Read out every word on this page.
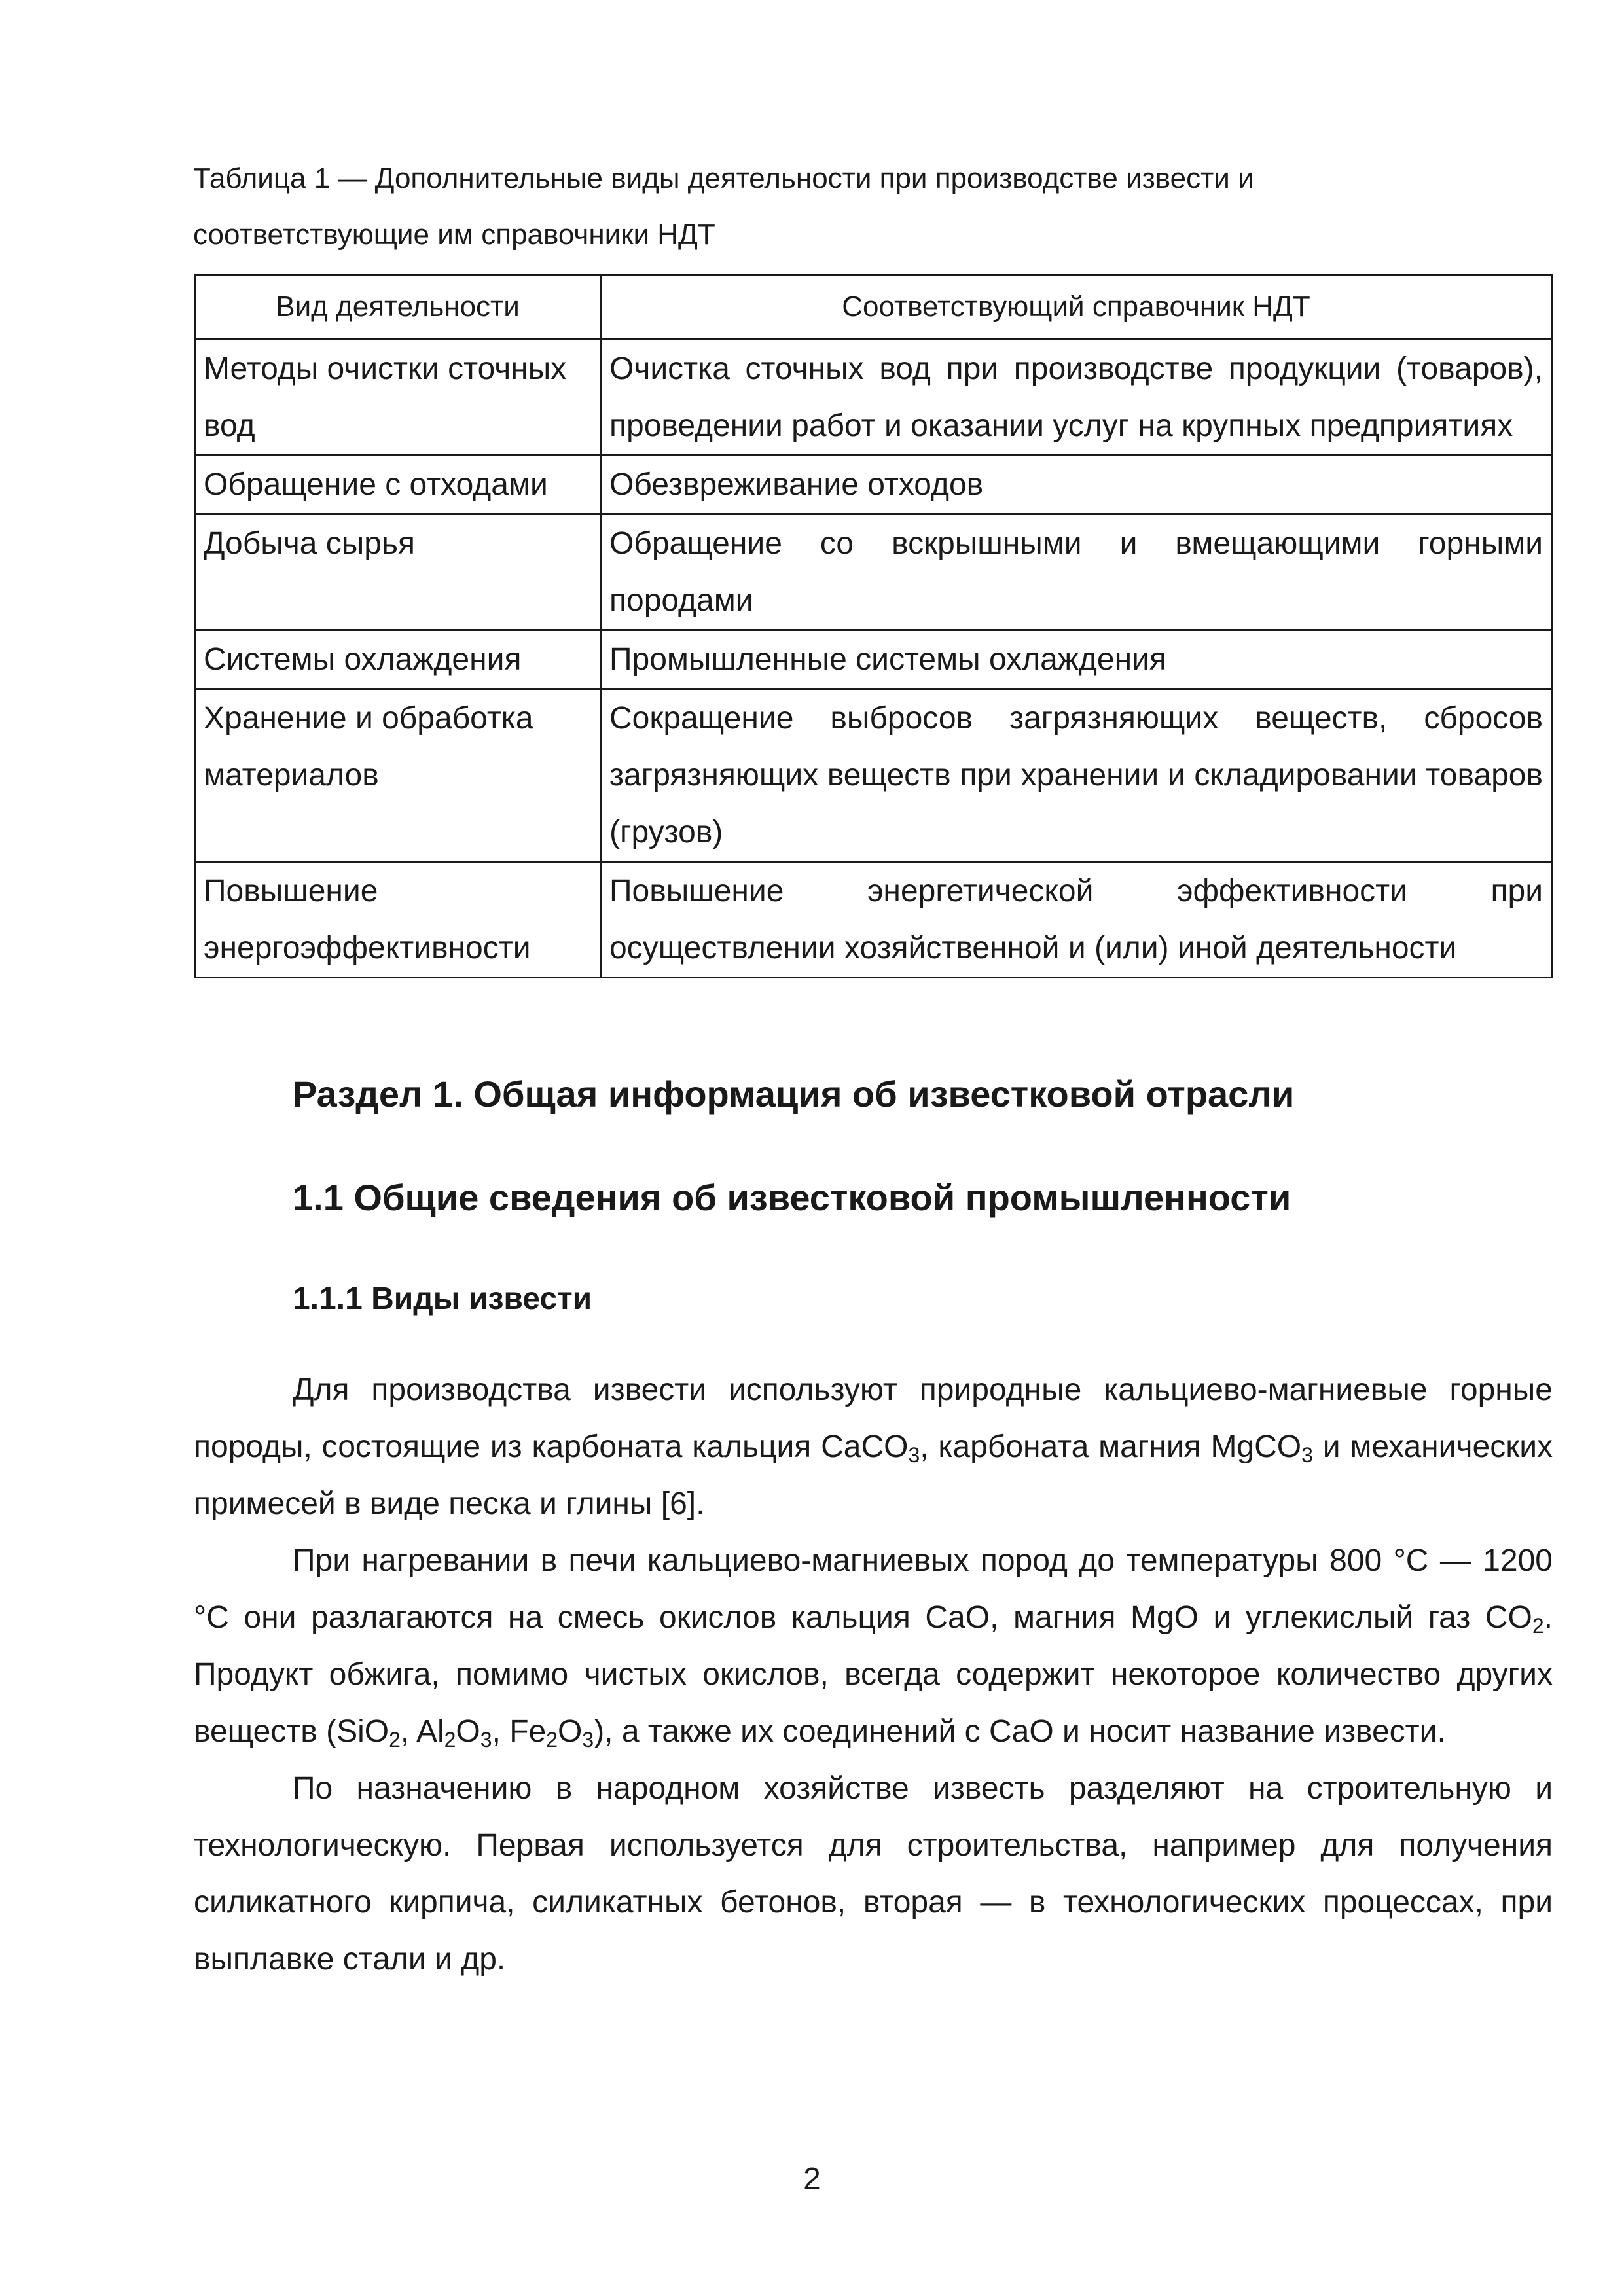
Таблица 1 — Дополнительные виды деятельности при производстве извести и
соответствующие им справочники НДТ
Вид деятельности	Соответствующий справочник НДТ
Методы очистки сточных вод	Очистка сточных вод при производстве продукции (товаров), проведении работ и оказании услуг на крупных предприятиях
Обращение с отходами	Обезвреживание отходов
Добыча сырья	Обращение со вскрышными и вмещающими горными породами
Системы охлаждения	Промышленные системы охлаждения
Хранение и обработка материалов	Сокращение выбросов загрязняющих веществ, сбросов загрязняющих веществ при хранении и складировании товаров (грузов)
Повышение энергоэффективности	Повышение энергетической эффективности при осуществлении хозяйственной и (или) иной деятельности
Раздел 1. Общая информация об известковой отрасли
1.1 Общие сведения об известковой промышленности
1.1.1 Виды извести

Для производства извести используют природные кальциево-магниевые горные породы, состоящие из карбоната кальция CaCO$_3$, карбоната магния MgCO$_3$ и механических примесей в виде песка и глины [6].

При нагревании в печи кальциево-магниевых пород до температуры 800 °C — 1200 °C они разлагаются на смесь окислов кальция CaO, магния MgO и углекислый газ $CO_2$. Продукт обжига, помимо чистых окислов, всегда содержит некоторое количество других веществ (SiO$_2$, $Al_2O_3$, $Fe_2O_3$), а также их соединений с CaO и носит название извести.

По назначению в народном хозяйстве известь разделяют на строительную и технологическую. Первая используется для строительства, например для получения силикатного кирпича, силикатных бетонов, вторая — в технологических процессах, при выплавке стали и др.

2
